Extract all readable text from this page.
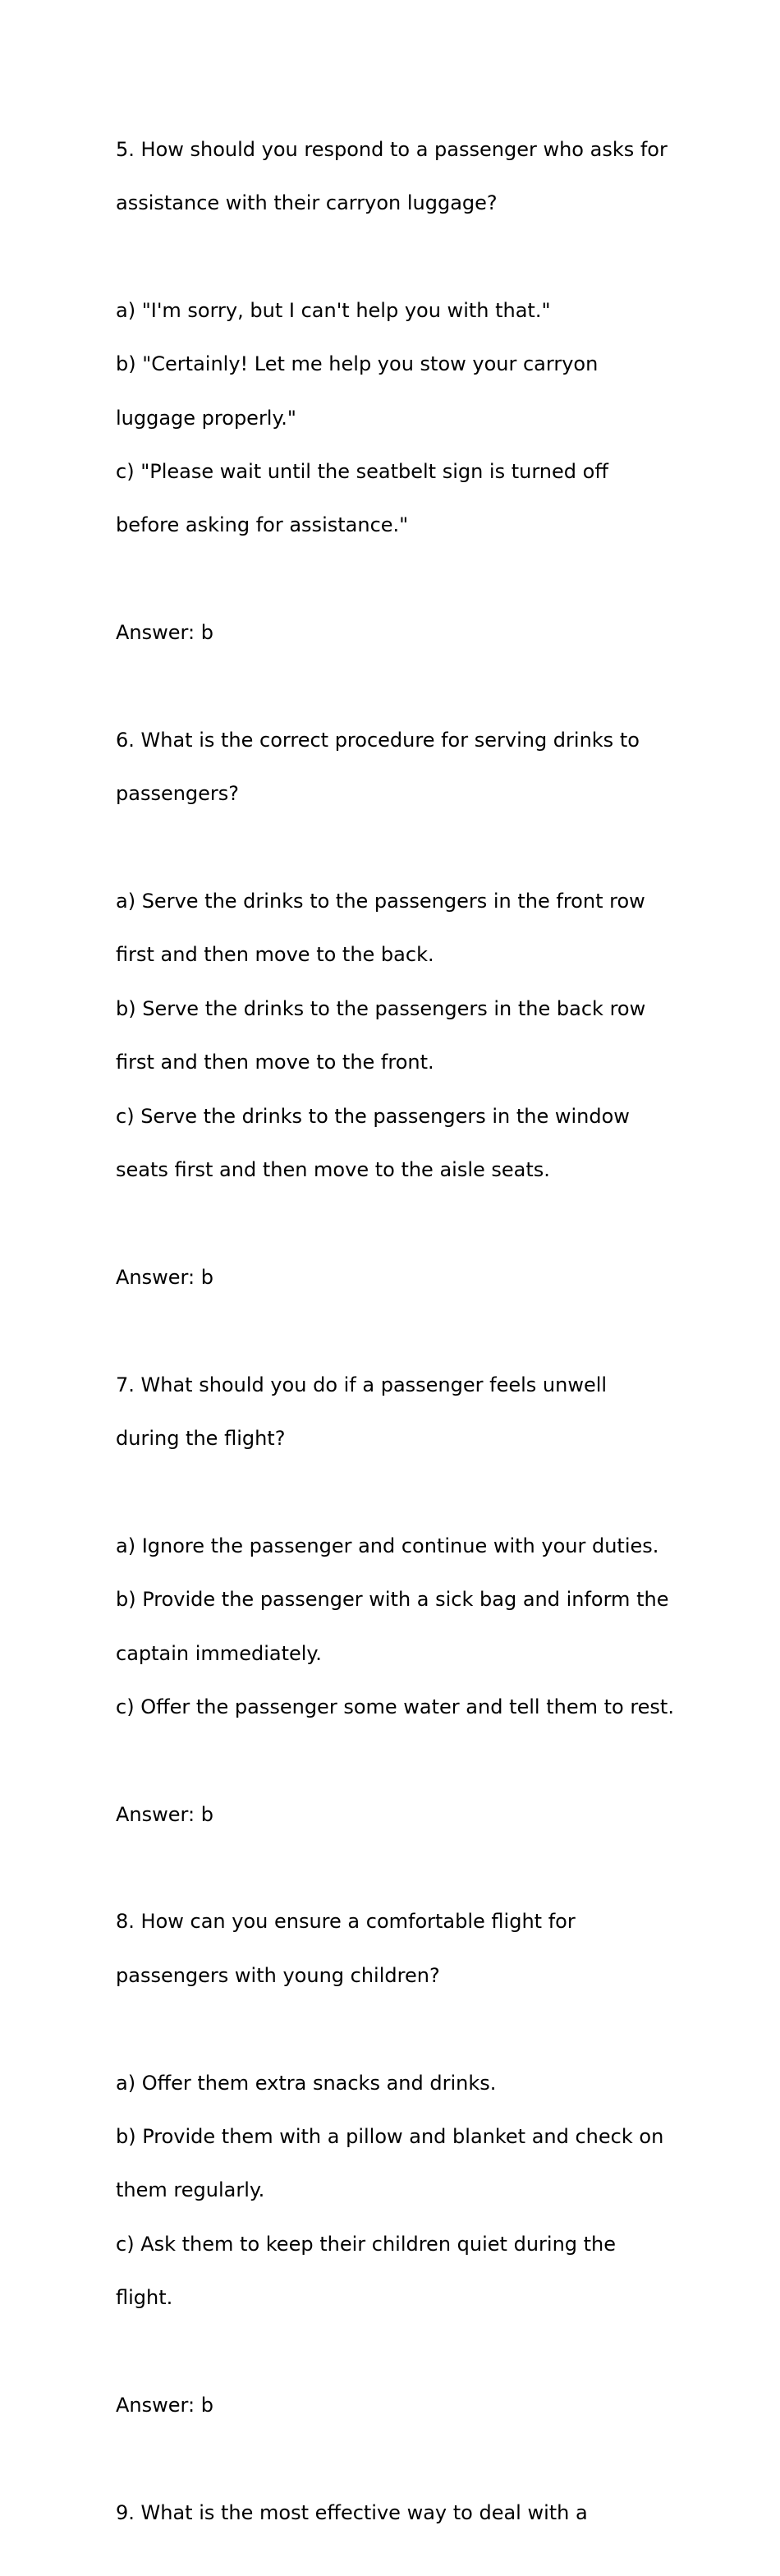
5. How should you respond to a passenger who asks for

assistance with their carryon luggage?

a) "I'm sorry, but I can't help you with that."

b) "Certainly! Let me help you stow your carryon

luggage properly."

c) "Please wait until the seatbelt sign is turned off

before asking for assistance."

Answer: b

6. What is the correct procedure for serving drinks to

passengers?

a) Serve the drinks to the passengers in the front row

first and then move to the back.

b) Serve the drinks to the passengers in the back row

first and then move to the front.

c) Serve the drinks to the passengers in the window

seats first and then move to the aisle seats.

Answer: b

7. What should you do if a passenger feels unwell

during the flight?

a) Ignore the passenger and continue with your duties.

b) Provide the passenger with a sick bag and inform the

captain immediately.

c) Offer the passenger some water and tell them to rest.

Answer: b

8. How can you ensure a comfortable flight for

passengers with young children?

a) Offer them extra snacks and drinks.

b) Provide them with a pillow and blanket and check on

them regularly.

c) Ask them to keep their children quiet during the

flight.

Answer: b

9. What is the most effective way to deal with a
